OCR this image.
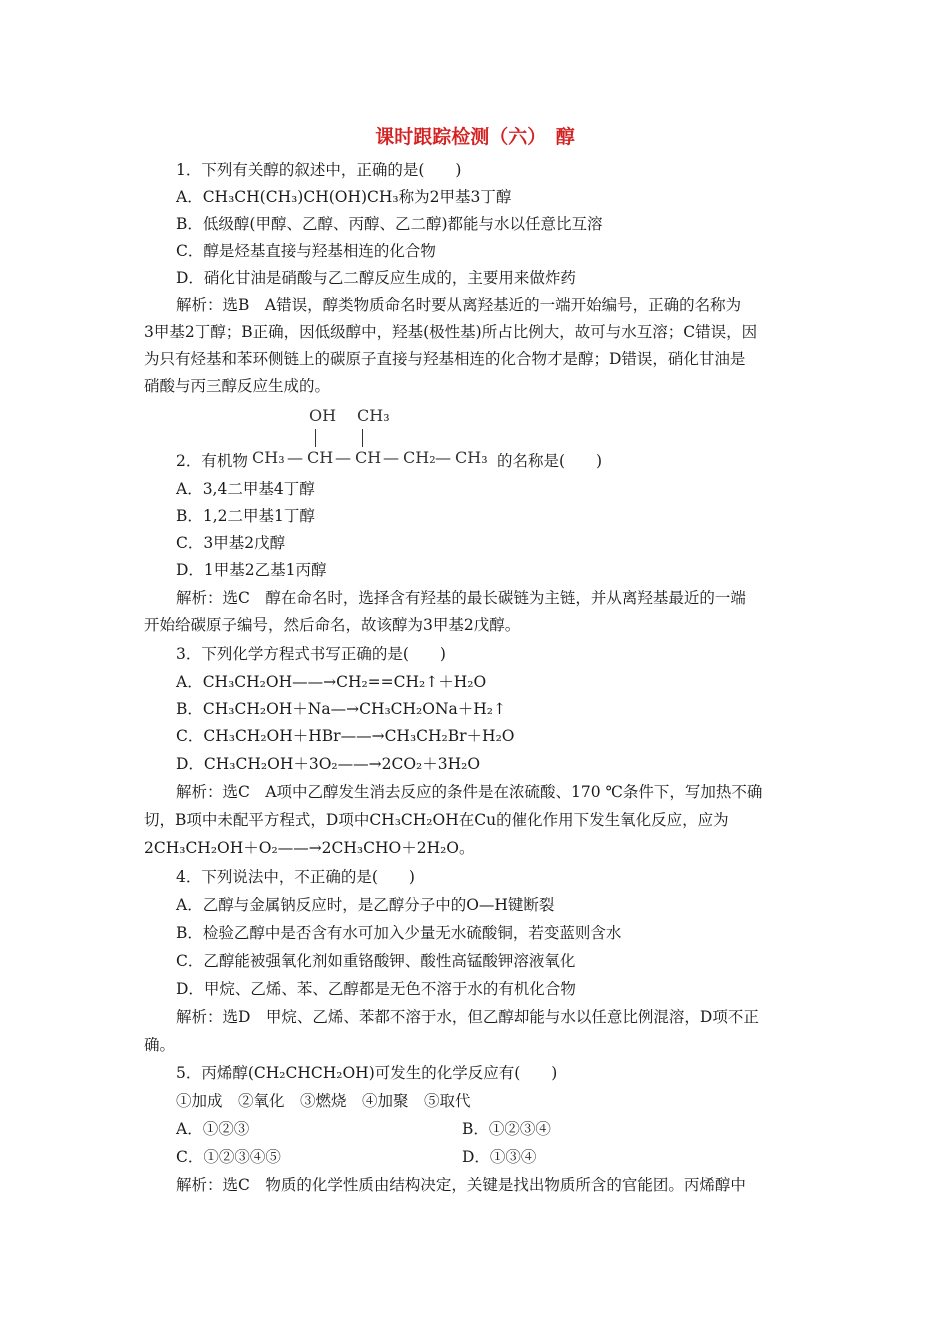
课时跟踪检测（六）　醇
1．下列有关醇的叙述中，正确的是(　　)
A．CH₃CH(CH₃)CH(OH)CH₃称为2甲基3丁醇
B．低级醇(甲醇、乙醇、丙醇、乙二醇)都能与水以任意比互溶
C．醇是烃基直接与羟基相连的化合物
D．硝化甘油是硝酸与乙二醇反应生成的，主要用来做炸药
解析：选B　A错误，醇类物质命名时要从离羟基近的一端开始编号，正确的名称为
3甲基2丁醇；B正确，因低级醇中，羟基(极性基)所占比例大，故可与水互溶；C错误，因
为只有烃基和苯环侧链上的碳原子直接与羟基相连的化合物才是醇；D错误，硝化甘油是
硝酸与丙三醇反应生成的。
A．3,4二甲基4丁醇
B．1,2二甲基1丁醇
C．3甲基2戊醇
D．1甲基2乙基1丙醇
解析：选C　醇在命名时，选择含有羟基的最长碳链为主链，并从离羟基最近的一端
开始给碳原子编号，然后命名，故该醇为3甲基2戊醇。
3．下列化学方程式书写正确的是(　　)
A．CH₃CH₂OH——→CH₂==CH₂↑＋H₂O
B．CH₃CH₂OH＋Na—→CH₃CH₂ONa＋H₂↑
C．CH₃CH₂OH＋HBr——→CH₃CH₂Br＋H₂O
D．CH₃CH₂OH＋3O₂——→2CO₂＋3H₂O
解析：选C　A项中乙醇发生消去反应的条件是在浓硫酸、170 ℃条件下，写加热不确
切，B项中未配平方程式，D项中CH₃CH₂OH在Cu的催化作用下发生氧化反应，应为
2CH₃CH₂OH＋O₂——→2CH₃CHO＋2H₂O。
4．下列说法中，不正确的是(　　)
A．乙醇与金属钠反应时，是乙醇分子中的O—H键断裂
B．检验乙醇中是否含有水可加入少量无水硫酸铜，若变蓝则含水
C．乙醇能被强氧化剂如重铬酸钾、酸性高锰酸钾溶液氧化
D．甲烷、乙烯、苯、乙醇都是无色不溶于水的有机化合物
解析：选D　甲烷、乙烯、苯都不溶于水，但乙醇却能与水以任意比例混溶，D项不正
确。
5．丙烯醇(CH₂CHCH₂OH)可发生的化学反应有(　　)
①加成　②氧化　③燃烧　④加聚　⑤取代
A．①②③	B．①②③④
C．①②③④⑤	D．①③④
解析：选C　物质的化学性质由结构决定，关键是找出物质所含的官能团。丙烯醇中
2．有机物
OH CH₃
CH₃ — CH — CH — CH₂ — CH₃ 的名称是(　　)
